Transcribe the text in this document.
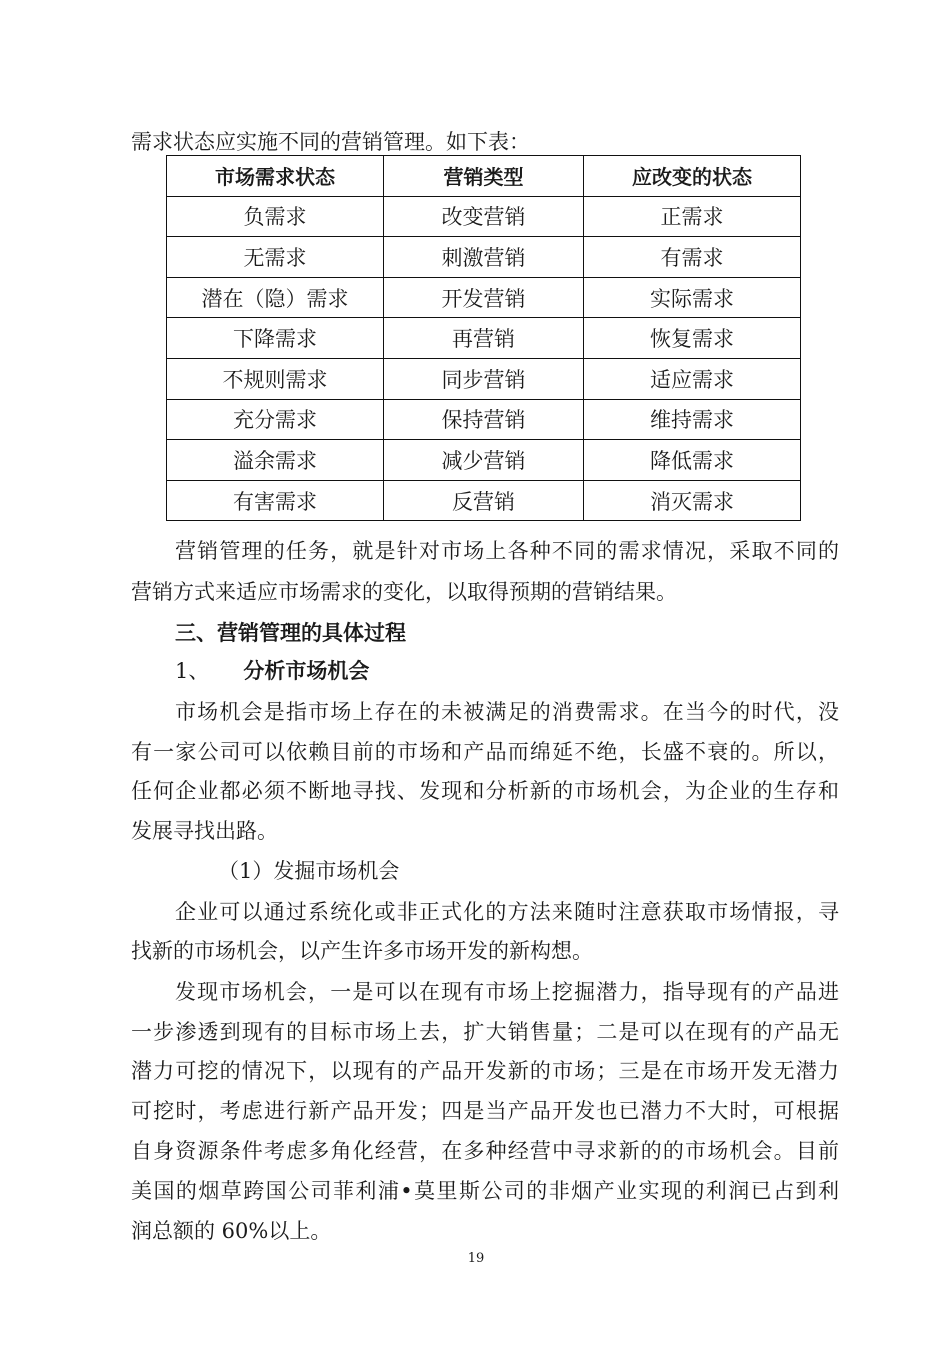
需求状态应实施不同的营销管理。如下表：
市场需求状态	营销类型	应改变的状态
负需求	改变营销	正需求
无需求	刺激营销	有需求
潜在（隐）需求	开发营销	实际需求
下降需求	再营销	恢复需求
不规则需求	同步营销	适应需求
充分需求	保持营销	维持需求
溢余需求	减少营销	降低需求
有害需求	反营销	消灭需求
营销管理的任务，就是针对市场上各种不同的需求情况，采取不同的
营销方式来适应市场需求的变化，以取得预期的营销结果。
三、营销管理的具体过程
1、 分析市场机会
市场机会是指市场上存在的未被满足的消费需求。在当今的时代，没
有一家公司可以依赖目前的市场和产品而绵延不绝，长盛不衰的。所以，
任何企业都必须不断地寻找、发现和分析新的市场机会，为企业的生存和
发展寻找出路。
（1）发掘市场机会
企业可以通过系统化或非正式化的方法来随时注意获取市场情报，寻
找新的市场机会，以产生许多市场开发的新构想。
发现市场机会，一是可以在现有市场上挖掘潜力，指导现有的产品进
一步渗透到现有的目标市场上去，扩大销售量；二是可以在现有的产品无
潜力可挖的情况下，以现有的产品开发新的市场；三是在市场开发无潜力
可挖时，考虑进行新产品开发；四是当产品开发也已潜力不大时，可根据
自身资源条件考虑多角化经营，在多种经营中寻求新的的市场机会。目前
美国的烟草跨国公司菲利浦•莫里斯公司的非烟产业实现的利润已占到利
润总额的 60%以上。
19
